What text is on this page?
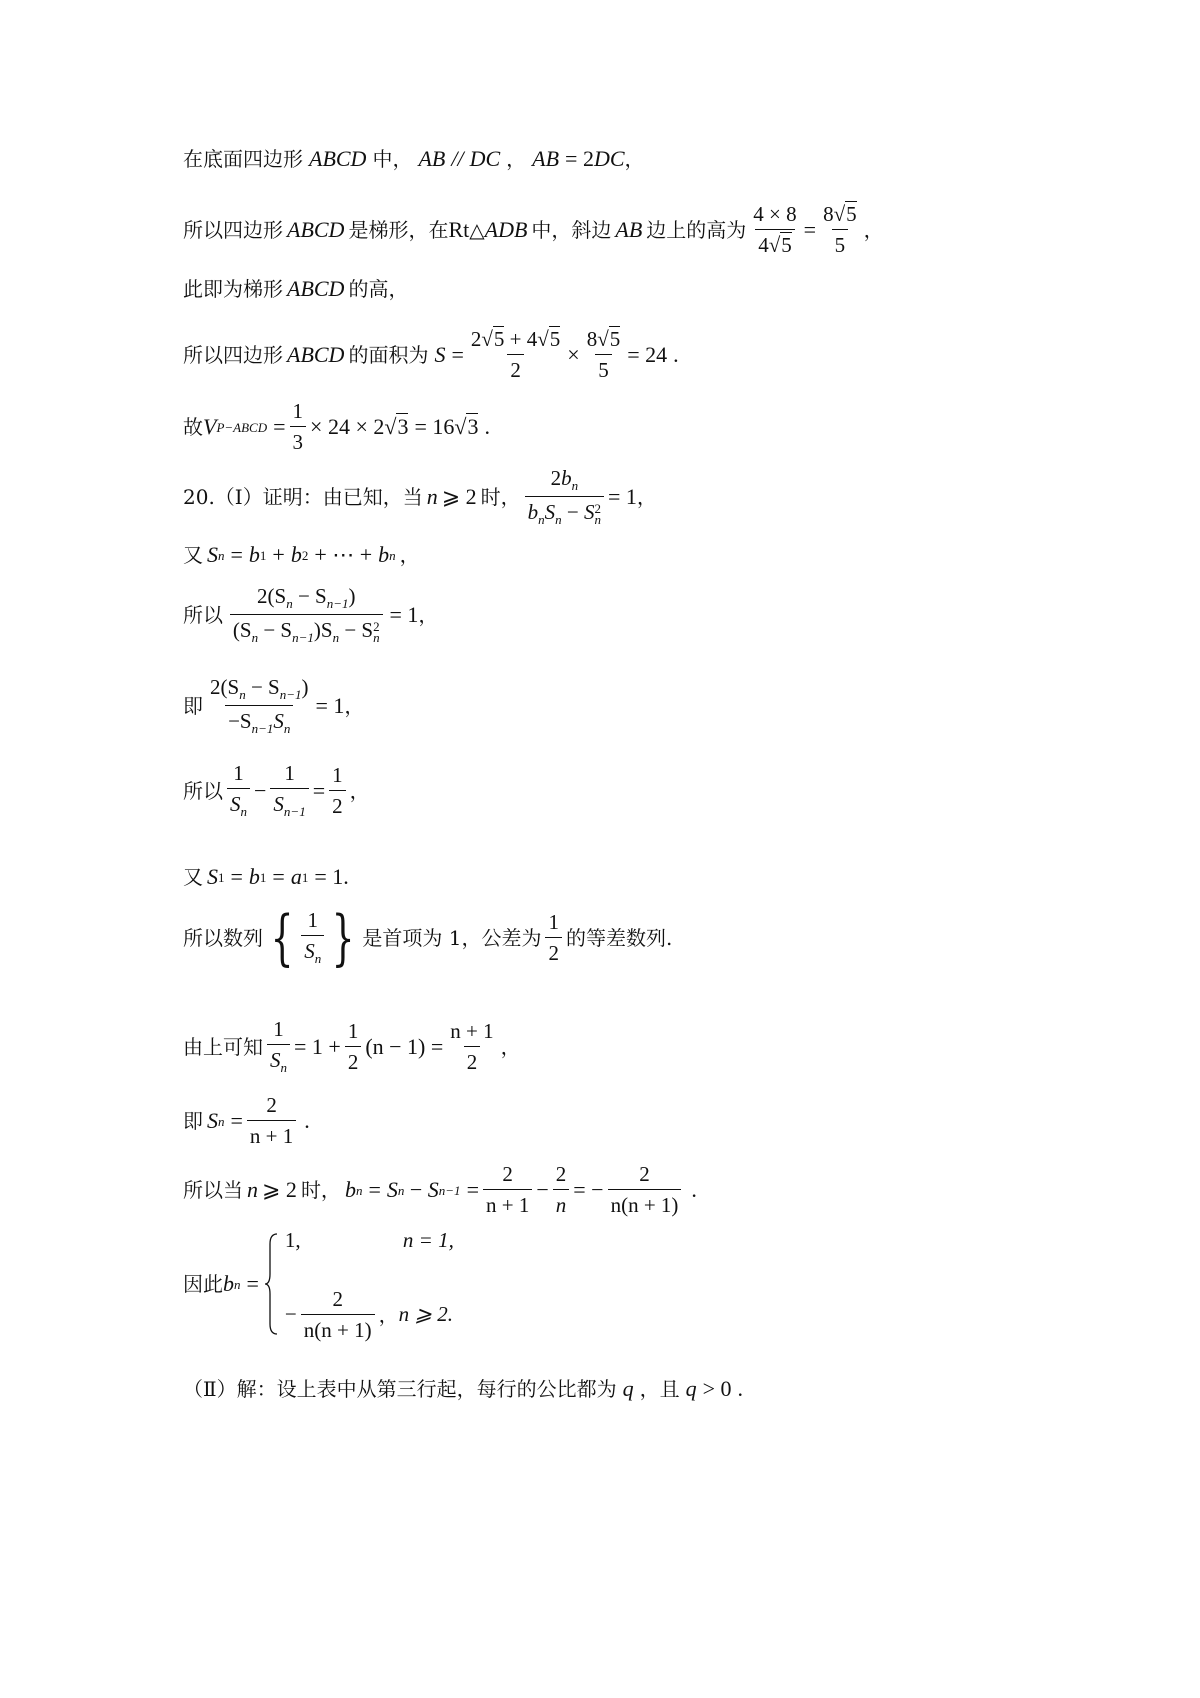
在底面四边形 ABCD 中， AB // DC ， AB = 2 DC ，
所以四边形 ABCD 是梯形，在 Rt △ ADB 中，斜边 AB 边上的高为 $\frac{4 \times 8}{4√5} = \frac{8√5}{5}$ ，
此即为梯形 ABCD 的高，
所以四边形 ABCD 的面积为 $S = \frac{2√5 + 4√5}{2} \times \frac{8√5}{5} = 24$ .
故 V P−ABCD = $\frac{1}{3} \times 24 \times 2$ √3 = 16 √3 .
20.（Ⅰ）证明：由已知，当 n ⩾ 2 时， $2b_n$
$b_nS_n - S$ 2
n = 1 ，
又 S n = b 1 + b 2 + ⋯ + b n ，
所以 $2(S_n - S_{n-1})$
$(S_n - S_{n-1})S_n - S$ 2
n = 1 ，
即 $\frac{2(S_n - S_{n-1})}{-S_{n-1}S_n} = 1$ ，
所以 $\frac{1}{S_n} - \frac{1}{S_{n-1}} = \frac{1}{2}$ ，
又 S 1 = b 1 = a 1 = 1 .
所以数列 { $\frac{1}{S_n}$ } 是首项为 1，公差为 $\frac{1}{2}$ 的等差数列.
由上可知 $\frac{1}{S_n} = 1 + \frac{1}{2} (n - 1) = \frac{n + 1}{2}$ ，
即 S $n = \frac{2}{n + 1}$ .
所以当 n ⩾ 2 时， b n = S n − S $n-1 = \frac{2}{n + 1} - \frac{2}{n}$ = − $\frac{2}{n(n + 1)}$ .
因此 b n =
1,	n = 1,
− $\frac{2}{n(n + 1)}$ ， n ⩾ 2.
（Ⅱ）解：设上表中从第三行起，每行的公比都为 q ，且 q > 0 .
